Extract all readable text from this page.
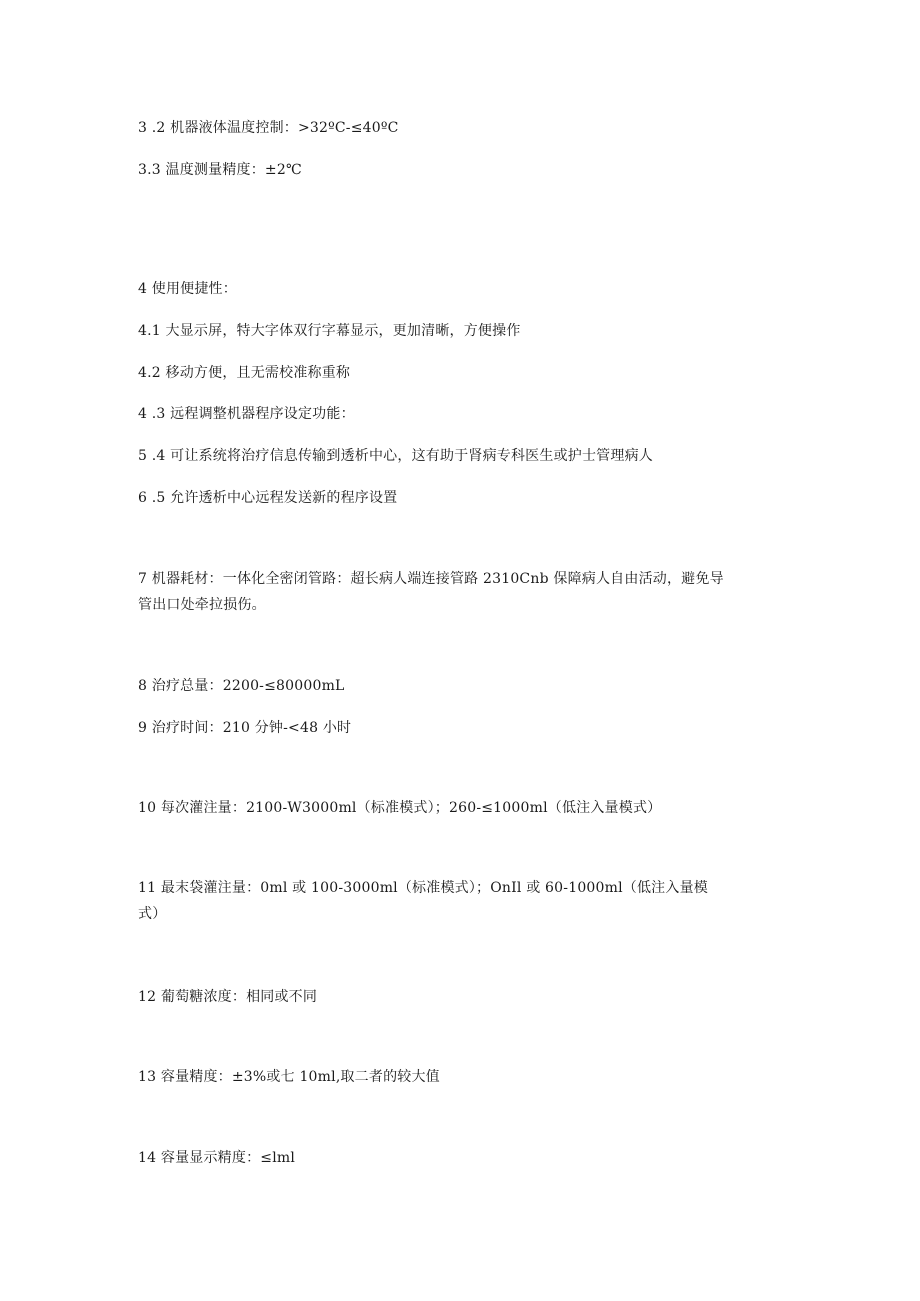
3 .2 机器液体温度控制：>32ºC-≤40ºC
3.3 温度测量精度：±2℃
4 使用便捷性：
4.1 大显示屏，特大字体双行字幕显示，更加清晰，方便操作
4.2 移动方便，且无需校准称重称
4 .3 远程调整机器程序设定功能：
5 .4 可让系统将治疗信息传输到透析中心，这有助于肾病专科医生或护士管理病人
6 .5 允许透析中心远程发送新的程序设置
7 机器耗材：一体化全密闭管路：超长病人端连接管路 2310Cnb 保障病人自由活动，避免导管出口处牵拉损伤。
8 治疗总量：2200-≤80000mL
9 治疗时间：210 分钟-<48 小时
10 每次灌注量：2100-W3000ml（标准模式）；260-≤1000ml（低注入量模式）
11 最末袋灌注量：0ml 或 100-3000ml（标准模式）；OnIl 或 60-1000ml（低注入量模式）
12 葡萄糖浓度：相同或不同
13 容量精度：±3%或七 10ml,取二者的较大值
14 容量显示精度：≤lml
